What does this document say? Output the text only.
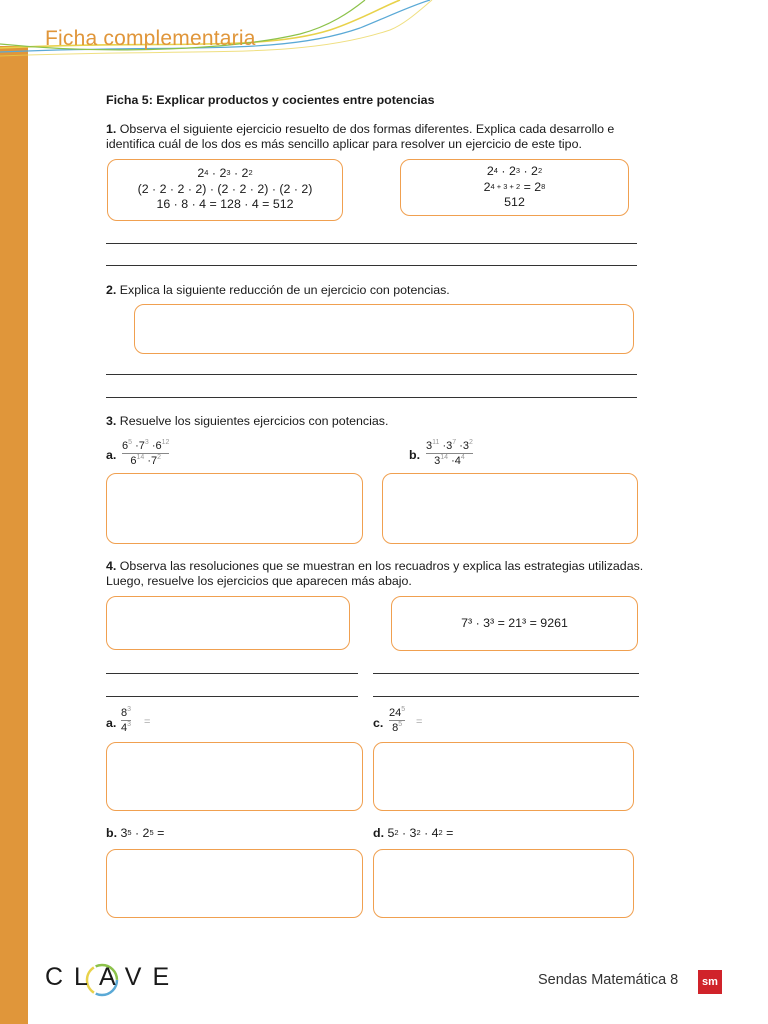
Ficha complementaria
Ficha 5: Explicar productos y cocientes entre potencias
1. Observa el siguiente ejercicio resuelto de dos formas diferentes. Explica cada desarrollo e identifica cuál de los dos es más sencillo aplicar para resolver un ejercicio de este tipo.
$2^4 \cdot 2^3 \cdot 2^2$
(2 · 2 · 2 · 2) · (2 · 2 · 2) · (2 · 2)
16 · 8 · 4 = 128 · 4 = 512
$2^4 \cdot 2^3 \cdot 2^2$
$2^{4 + 3 + 2} = 2^8$
512
2. Explica la siguiente reducción de un ejercicio con potencias.
3. Resuelve los siguientes ejercicios con potencias.
a.
$6^5 \cdot 7^3 \cdot 6^{12}$
$6^{14} \cdot 7^2$	b.
$3^{11} \cdot 3^7 \cdot 3^2$
$3^{14} \cdot 4^4$
4. Observa las resoluciones que se muestran en los recuadros y explica las estrategias utilizadas. Luego, resuelve los ejercicios que aparecen más abajo.
7³ · 3³ = 21³ = 9261
a.
$8^3$
$4^3$ =	c.
$24^5$
$8^5$ =
b. $3^5 \cdot 2^5$ =	d. $5^2 \cdot 3^2 \cdot 4^2$ =
CLAVE	Sendas Matemática 8	sm
